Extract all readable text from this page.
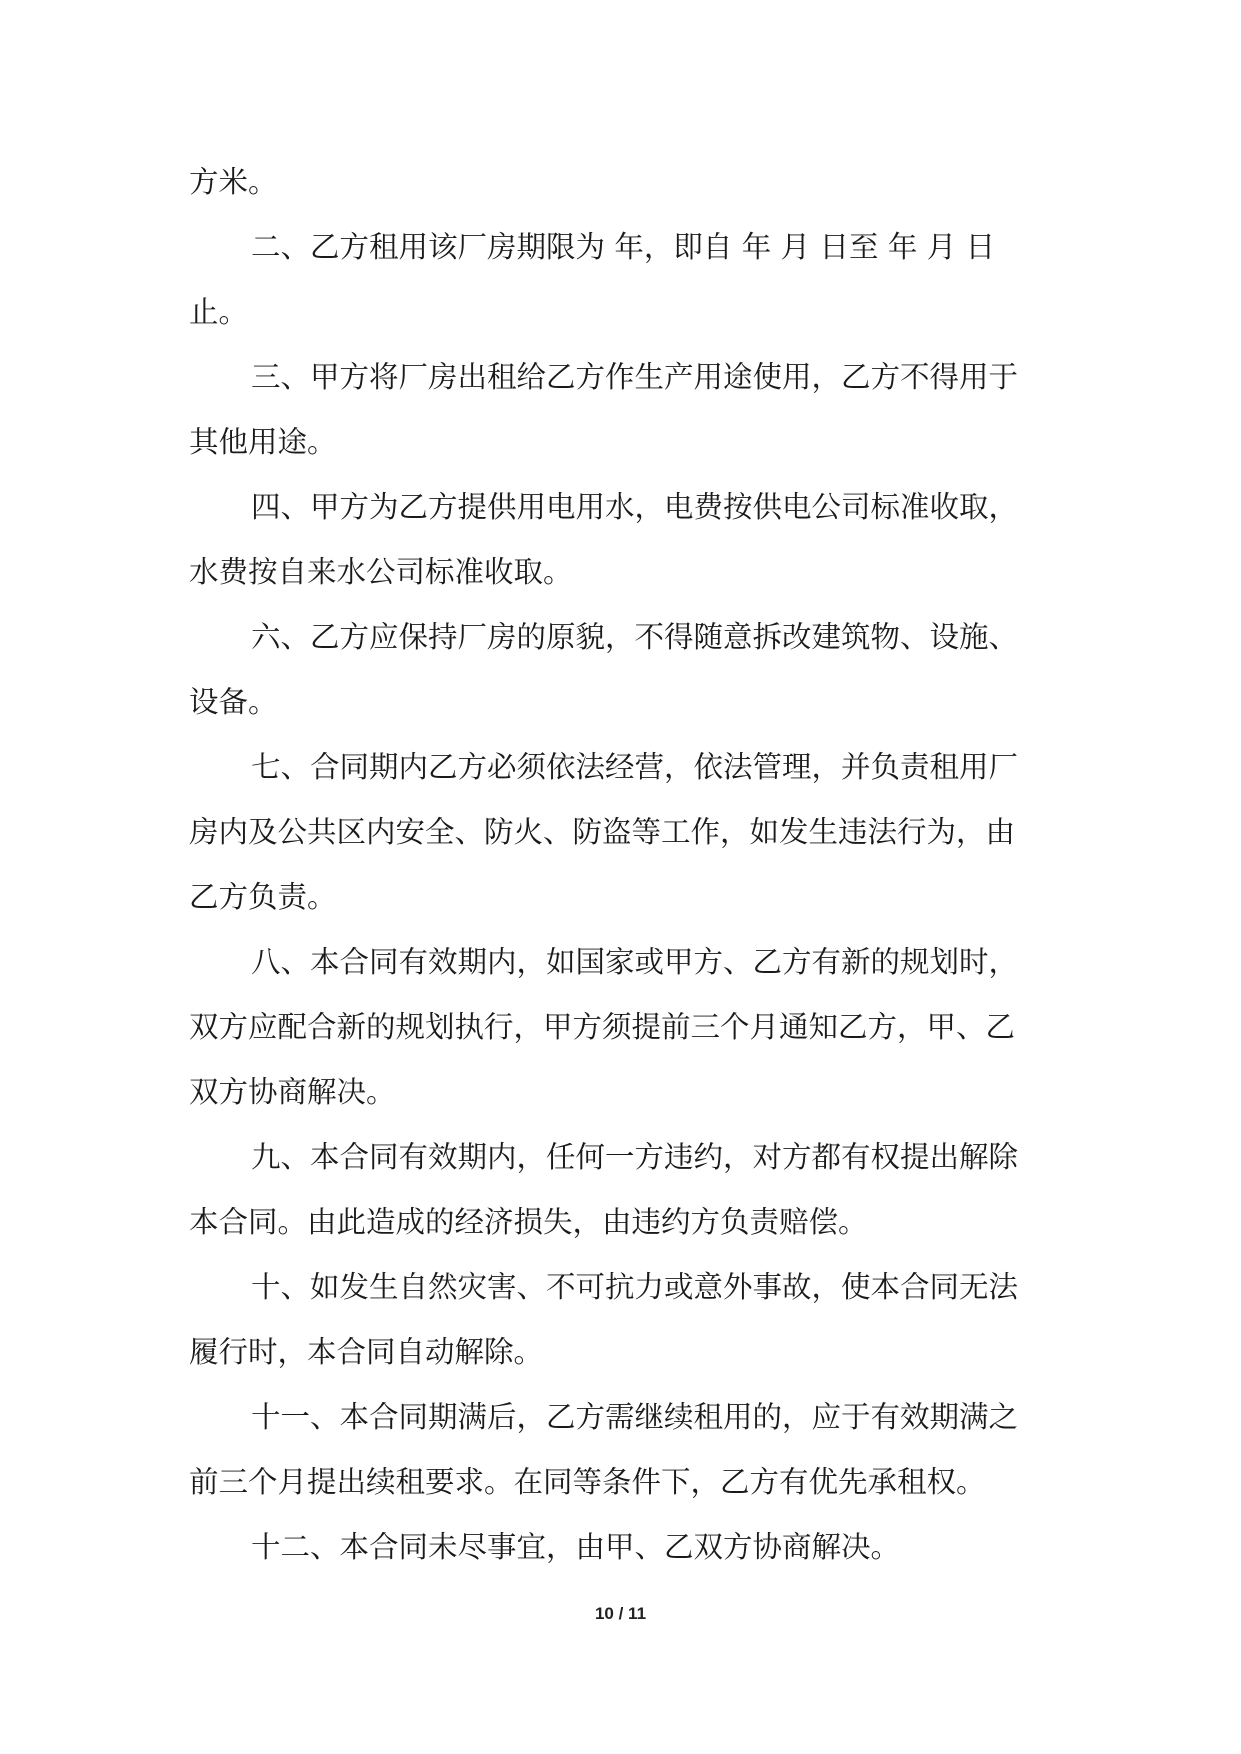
方米。
二、乙方租用该厂房期限为 年，即自 年 月 日至 年 月 日
止。
三、甲方将厂房出租给乙方作生产用途使用，乙方不得用于
其他用途。
四、甲方为乙方提供用电用水，电费按供电公司标准收取，
水费按自来水公司标准收取。
六、乙方应保持厂房的原貌，不得随意拆改建筑物、设施、
设备。
七、合同期内乙方必须依法经营，依法管理，并负责租用厂
房内及公共区内安全、防火、防盗等工作，如发生违法行为，由
乙方负责。
八、本合同有效期内，如国家或甲方、乙方有新的规划时，
双方应配合新的规划执行，甲方须提前三个月通知乙方，甲、乙
双方协商解决。
九、本合同有效期内，任何一方违约，对方都有权提出解除
本合同。由此造成的经济损失，由违约方负责赔偿。
十、如发生自然灾害、不可抗力或意外事故，使本合同无法
履行时，本合同自动解除。
十一、本合同期满后，乙方需继续租用的，应于有效期满之
前三个月提出续租要求。在同等条件下，乙方有优先承租权。
十二、本合同未尽事宜，由甲、乙双方协商解决。
10 / 11
